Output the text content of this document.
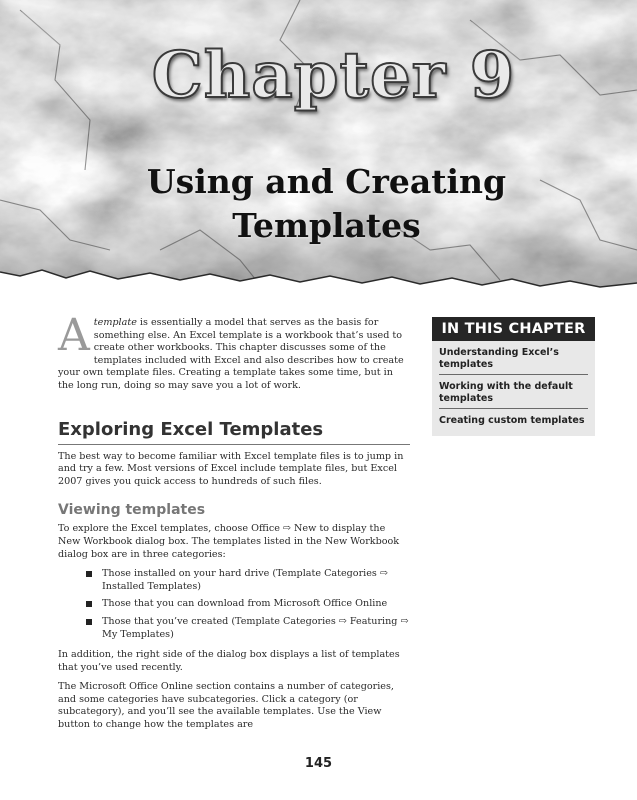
Chapter 9
Using and Creating
Templates
IN THIS CHAPTER
Understanding Excel’s templates
Working with the default templates
Creating custom templates

Atemplate is essentially a model that serves as the basis for something else. An Excel template is a workbook that’s used to create other workbooks. This chapter discusses some of the templates included with Excel and also describes how to create your own template files. Creating a template takes some time, but in the long run, doing so may save you a lot of work.

Exploring Excel Templates

The best way to become familiar with Excel template files is to jump in and try a few. Most versions of Excel include template files, but Excel 2007 gives you quick access to hundreds of such files.

Viewing templates

To explore the Excel templates, choose Office ⇨ New to display the New Workbook dialog box. The templates listed in the New Workbook dialog box are in three categories:

Those installed on your hard drive (Template Categories ⇨ Installed Templates)
Those that you can download from Microsoft Office Online
Those that you’ve created (Template Categories ⇨ Featuring ⇨ My Templates)

In addition, the right side of the dialog box displays a list of templates that you’ve used recently.

The Microsoft Office Online section contains a number of categories, and some categories have subcategories. Click a category (or subcategory), and you’ll see the available templates. Use the View button to change how the templates are

145
